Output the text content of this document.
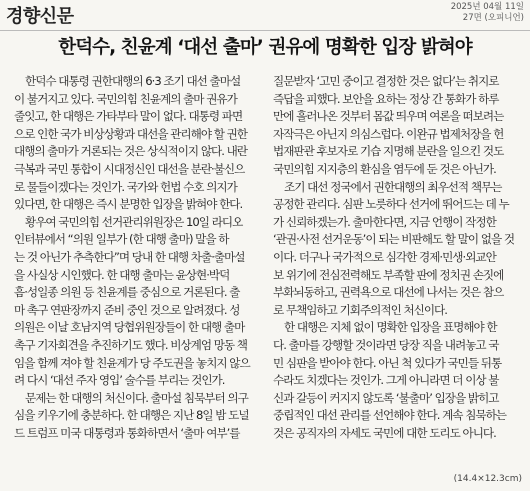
경향신문	2025년 04월 11일
27면 (오피니언)
한덕수, 친윤계 ‘대선 출마’ 권유에 명확한 입장 밝혀야
한덕수 대통령 권한대행의 6·3 조기 대선 출마설
이 불거지고 있다. 국민의힘 친윤계의 출마 권유가
줄잇고, 한 대행은 가타부타 말이 없다. 대통령 파면
으로 인한 국가 비상상황과 대선을 관리해야 할 권한
대행의 출마가 거론되는 것은 상식적이지 않다. 내란
극복과 국민 통합이 시대정신인 대선을 분란·불신으
로 물들이겠다는 것인가. 국가와 헌법 수호 의지가
있다면, 한 대행은 즉시 분명한 입장을 밝혀야 한다.
황우여 국민의힘 선거관리위원장은 10일 라디오
인터뷰에서 “의원 일부가 (한 대행 출마) 말을 하
는 것 아닌가 추측한다”며 당내 한 대행 차출·출마설
을 사실상 시인했다. 한 대행 출마는 윤상현·박덕
흠·성일종 의원 등 친윤계를 중심으로 거론된다. 출
마 촉구 연판장까지 준비 중인 것으로 알려졌다. 성
의원은 이날 호남지역 당협위원장들이 한 대행 출마
촉구 기자회견을 추진하기도 했다. 비상계엄 망동 책
임을 함께 져야 할 친윤계가 당 주도권을 놓치지 않으
려 다시 ‘대선 주자 영입’ 술수를 부리는 것인가.
문제는 한 대행의 처신이다. 출마설 침묵부터 의구
심을 키우기에 충분하다. 한 대행은 지난 8일 밤 도널
드 트럼프 미국 대통령과 통화하면서 ‘출마 여부’를
질문받자 ‘고민 중이고 결정한 것은 없다’는 취지로
즉답을 피했다. 보안을 요하는 정상 간 통화가 하루
만에 흘러나온 것부터 몸값 띄우며 여론을 떠보려는
자작극은 아닌지 의심스럽다. 이완규 법제처장을 헌
법재판관 후보자로 기습 지명해 분란을 일으킨 것도
국민의힘 지지층의 환심을 염두에 둔 것은 아닌가.
조기 대선 정국에서 권한대행의 최우선적 책무는
공정한 관리다. 심판 노릇하다 선거에 뛰어드는 데 누
가 신뢰하겠는가. 출마한다면, 지금 언행이 작정한
‘관권·사전 선거운동’이 되는 비판해도 할 말이 없을 것
이다. 더구나 국가적으로 심각한 경제·민생·외교안
보 위기에 전심전력해도 부족할 판에 정치권 손짓에
부화뇌동하고, 권력욕으로 대선에 나서는 것은 참으
로 무책임하고 기회주의적인 처신이다.
한 대행은 지체 없이 명확한 입장을 표명해야 한
다. 출마를 강행할 것이라면 당장 직을 내려놓고 국
민 심판을 받아야 한다. 아닌 척 있다가 국민들 뒤통
수라도 치겠다는 것인가. 그게 아니라면 더 이상 불
신과 갈등이 커지지 않도록 ‘불출마’ 입장을 밝히고
중립적인 대선 관리를 선언해야 한다. 계속 침묵하는
것은 공직자의 자세도 국민에 대한 도리도 아니다.
(14.4×12.3cm)
